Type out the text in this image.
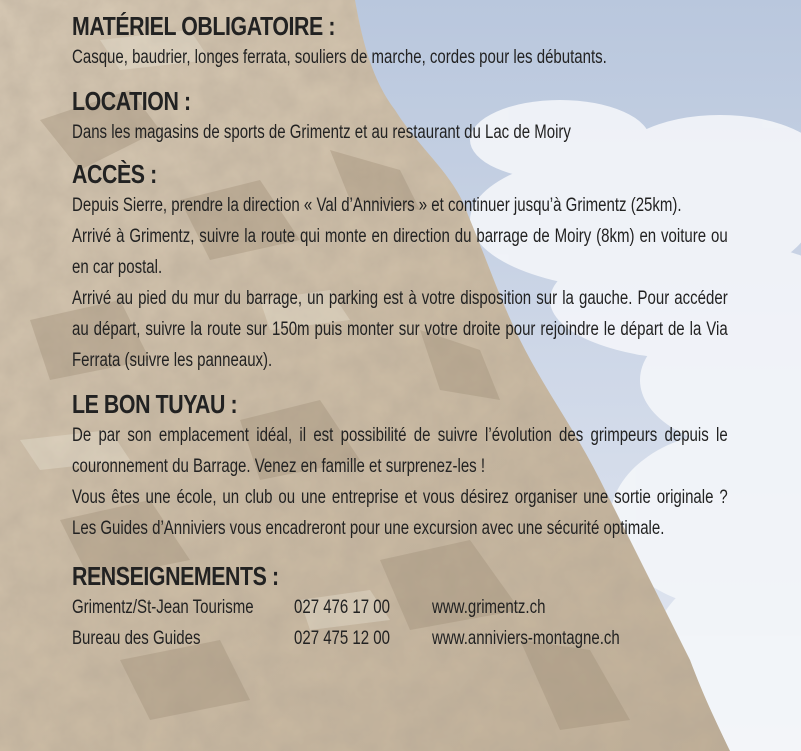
MATÉRIEL OBLIGATOIRE :

Casque, baudrier, longes ferrata, souliers de marche, cordes pour les débutants.

LOCATION :

Dans les magasins de sports de Grimentz et au restaurant du Lac de Moiry

ACCÈS :

Depuis Sierre, prendre la direction « Val d’Anniviers » et continuer jusqu’à Grimentz (25km).

Arrivé à Grimentz, suivre la route qui monte en direction du barrage de Moiry (8km) en voiture ou en car postal.

Arrivé au pied du mur du barrage, un parking est à votre disposition sur la gauche. Pour accéder au départ, suivre la route sur 150m puis monter sur votre droite pour rejoindre le départ de la Via Ferrata (suivre les panneaux).

LE BON TUYAU :

De par son emplacement idéal, il est possibilité de suivre l’évolution des grimpeurs depuis le couronnement du Barrage. Venez en famille et surprenez-les !

Vous êtes une école, un club ou une entreprise et vous désirez organiser une sortie originale ? Les Guides d’Anniviers vous encadreront pour une excursion avec une sécurité optimale.

RENSEIGNEMENTS :
Grimentz/St-Jean Tourisme 027 476 17 00 www.grimentz.ch
Bureau des Guides	027 475 12 00 www.anniviers-montagne.ch
